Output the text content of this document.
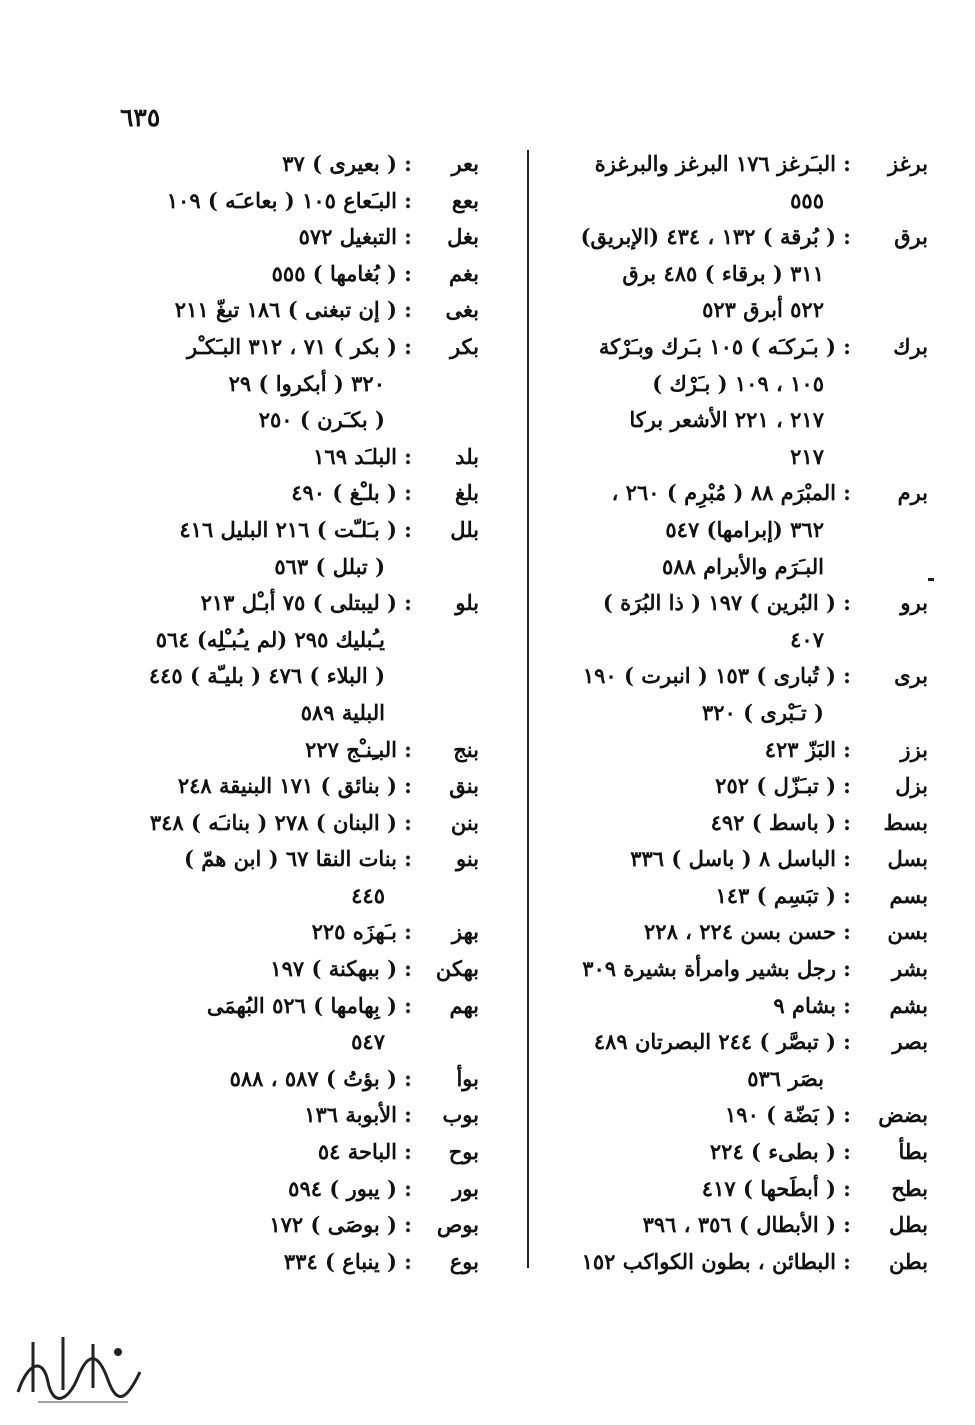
٦٣٥
برغز
:
البـَرغز ١٧٦ البرغز والبرغزة
٥٥٥
برق
:
( بُرقة ) ١٣٢ ، ٤٣٤ (الإبريق)
٣١١ ( برقاء ) ٤٨٥ برق
٥٢٢ أبرق ٥٢٣
برك
:
( بـَركـَه ) ١٠٥ بـَرك وبـَرْكة
١٠٥ ، ١٠٩ ( بـَرْك )
٢١٧ ، ٢٢١ الأشعر بركا
٢١٧
برم
:
المبْرَم ٨٨ ( مُبْرِم ) ٢٦٠ ،
٣٦٢ (إبرامها) ٥٤٧
البـَرَم والأبرام ٥٨٨
برو
:
( البُرين ) ١٩٧ ( ذا البُرَة )
٤٠٧
برى
:
( تُبارى ) ١٥٣ ( انبرت ) ١٩٠
( تـَبْرى ) ٣٢٠
بزز
:
البَزّ ٤٢٣
بزل
:
( تبـَزّل ) ٢٥٢
بسط
:
( باسط ) ٤٩٢
بسل
:
الباسل ٨ ( باسل ) ٣٣٦
بسم
:
( تبَسِم ) ١٤٣
بسن
:
حسن بسن ٢٢٤ ، ٢٢٨
بشر
:
رجل بشير وامرأة بشيرة ٣٠٩
بشم
:
بشام ٩
بصر
:
( تبصَّر ) ٢٤٤ البصرتان ٤٨٩
بصَر ٥٣٦
بضض
:
( بَضّة ) ١٩٠
بطأ
:
( بطىء ) ٢٢٤
بطح
:
( أبطَحها ) ٤١٧
بطل
:
( الأبطال ) ٣٥٦ ، ٣٩٦
بطن
:
البطائن ، بطون الكواكب ١٥٢
بعر
:
( بعيرى ) ٣٧
بعع
:
البـَعاع ١٠٥ ( بعاعـَه ) ١٠٩
بغل
:
التبغيل ٥٧٢
بغم
:
( بُغامها ) ٥٥٥
بغى
:
( إن تبغنى ) ١٨٦ تبغّ ٢١١
بكر
:
( بكر ) ٧١ ، ٣١٢ البـَكـْر
٣٢٠ ( أبكروا ) ٢٩
( بكـَرن ) ٢٥٠
بلد
:
البلـَد ١٦٩
بلغ
:
( بلـْغ ) ٤٩٠
بلل
:
( بـَلـّت ) ٢١٦ البليل ٤١٦
( تبلل ) ٥٦٣
بلو
:
( ليبتلى ) ٧٥ أبـْل ٢١٣
يـُبليك ٢٩٥ (لم يـُبـْلِه) ٥٦٤
( البلاء ) ٤٧٦ ( بليـّة ) ٤٤٥
البلية ٥٨٩
بنج
:
البـِنـْج ٢٢٧
بنق
:
( بنائق ) ١٧١ البنيقة ٢٤٨
بنن
:
( البنان ) ٢٧٨ ( بنانـَه ) ٣٤٨
بنو
:
بنات النقا ٦٧ ( ابن همّ )
٤٤٥
بهز
:
بـَهزَه ٢٢٥
بهكن
:
( ببهكنة ) ١٩٧
بهم
:
( بِهامها ) ٥٢٦ البُهمَى
٥٤٧
بوأ
:
( بؤتُ ) ٥٨٧ ، ٥٨٨
بوب
:
الأبوبة ١٣٦
بوح
:
الباحة ٥٤
بور
:
( يبور ) ٥٩٤
بوص
:
( بوصَى ) ١٧٢
بوع
:
( ينباع ) ٣٣٤
